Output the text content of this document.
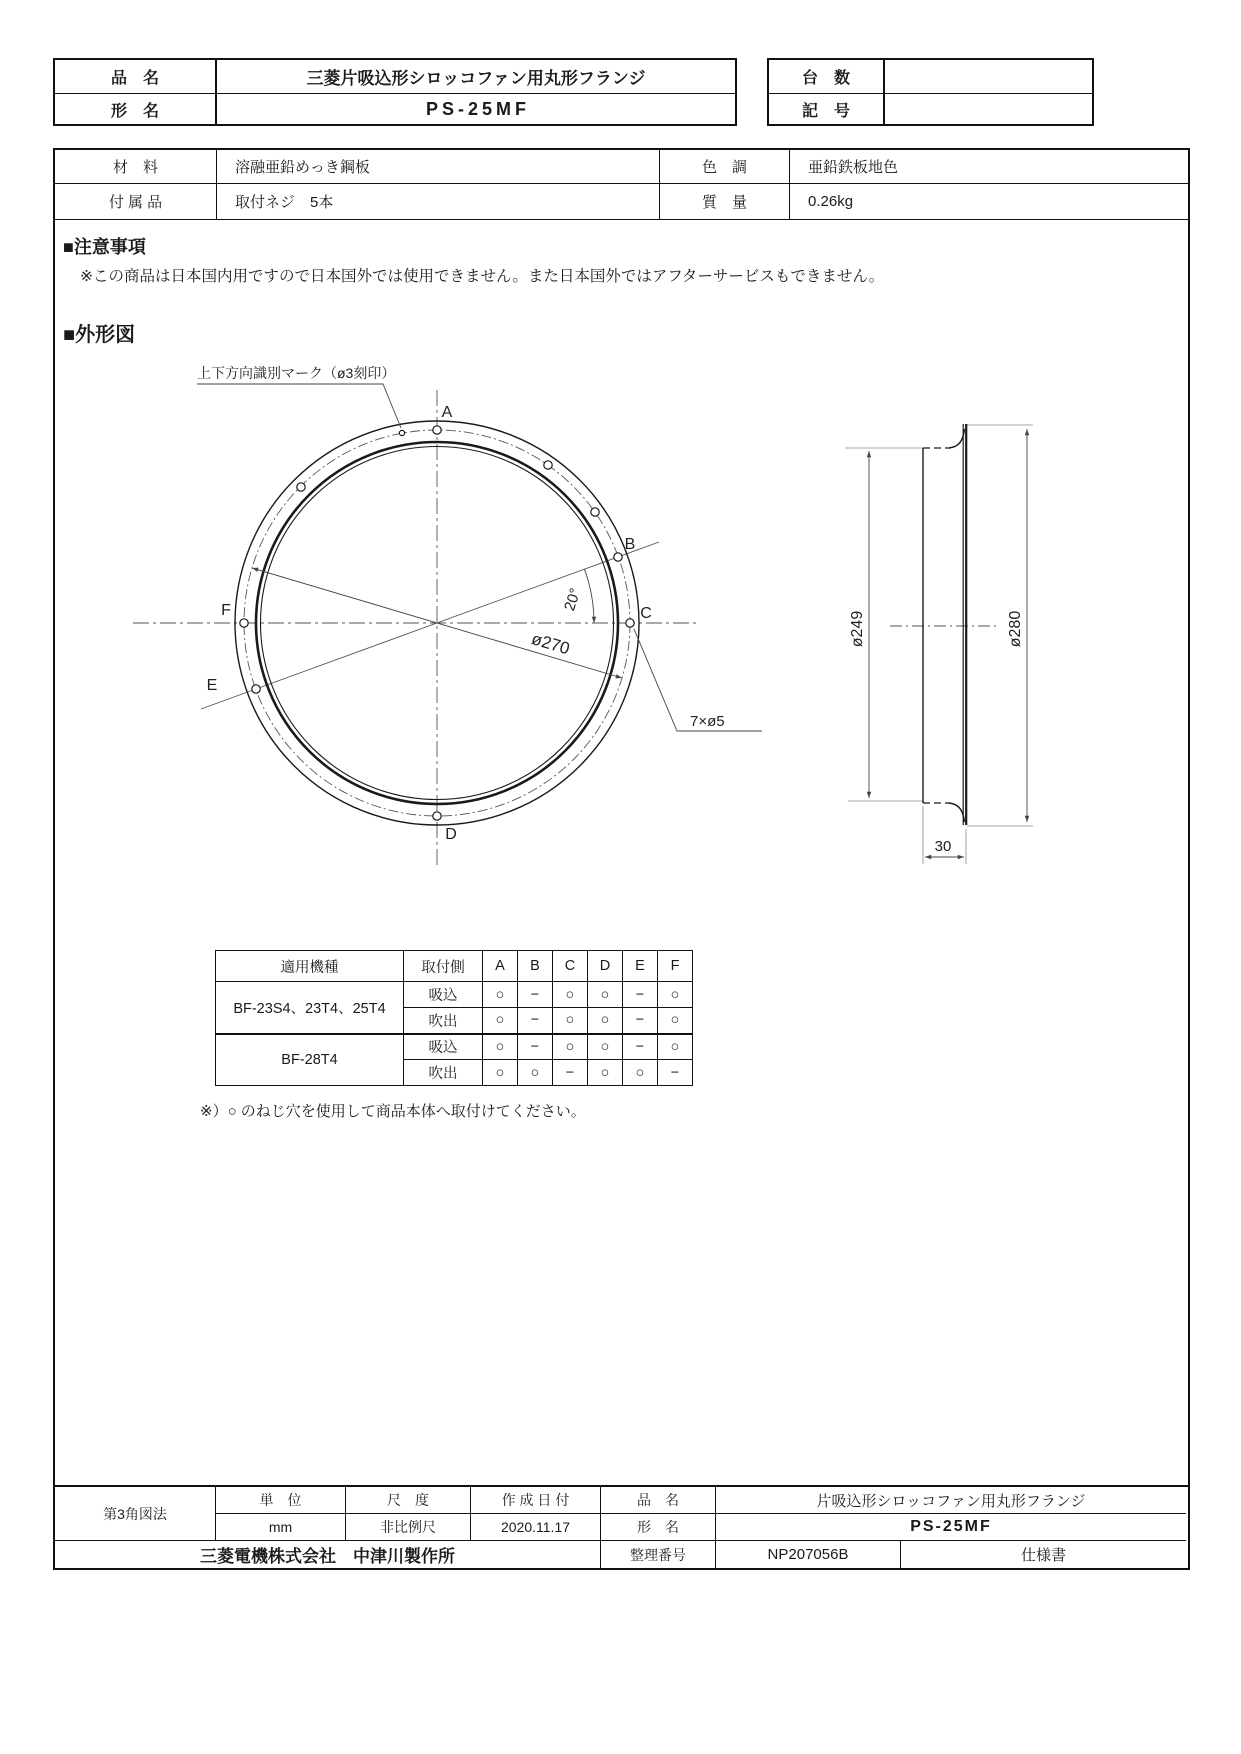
品　名	三菱片吸込形シロッコファン用丸形フランジ
形　名	PS-25MF
台　数
記　号
材　料	溶融亜鉛めっき鋼板	色　調	亜鉛鉄板地色
付 属 品	取付ネジ　5本	質　量	0.26kg
■注意事項
※この商品は日本国内用ですので日本国外では使用できません。また日本国外ではアフターサービスもできません。
■外形図
A
B
C
D
E
F
ø270
20°
7×ø5
上下方向識別マーク（ø3刻印）
ø249	ø280
30
適用機種	取付側	A	B	C	D	E	F
BF-23S4、23T4、25T4	吸込	○	−	○	○	−	○
	吹出	○	−	○	○	−	○
BF-28T4	吸込	○	−	○	○	−	○
	吹出	○	○	−	○	○	−
※）○ のねじ穴を使用して商品本体へ取付けてください。
第3角図法
単　位	尺　度	作 成 日 付	品　名	片吸込形シロッコファン用丸形フランジ
mm	非比例尺	2020.11.17	形　名	PS-25MF
三菱電機株式会社　中津川製作所	整理番号	NP207056B	仕様書
